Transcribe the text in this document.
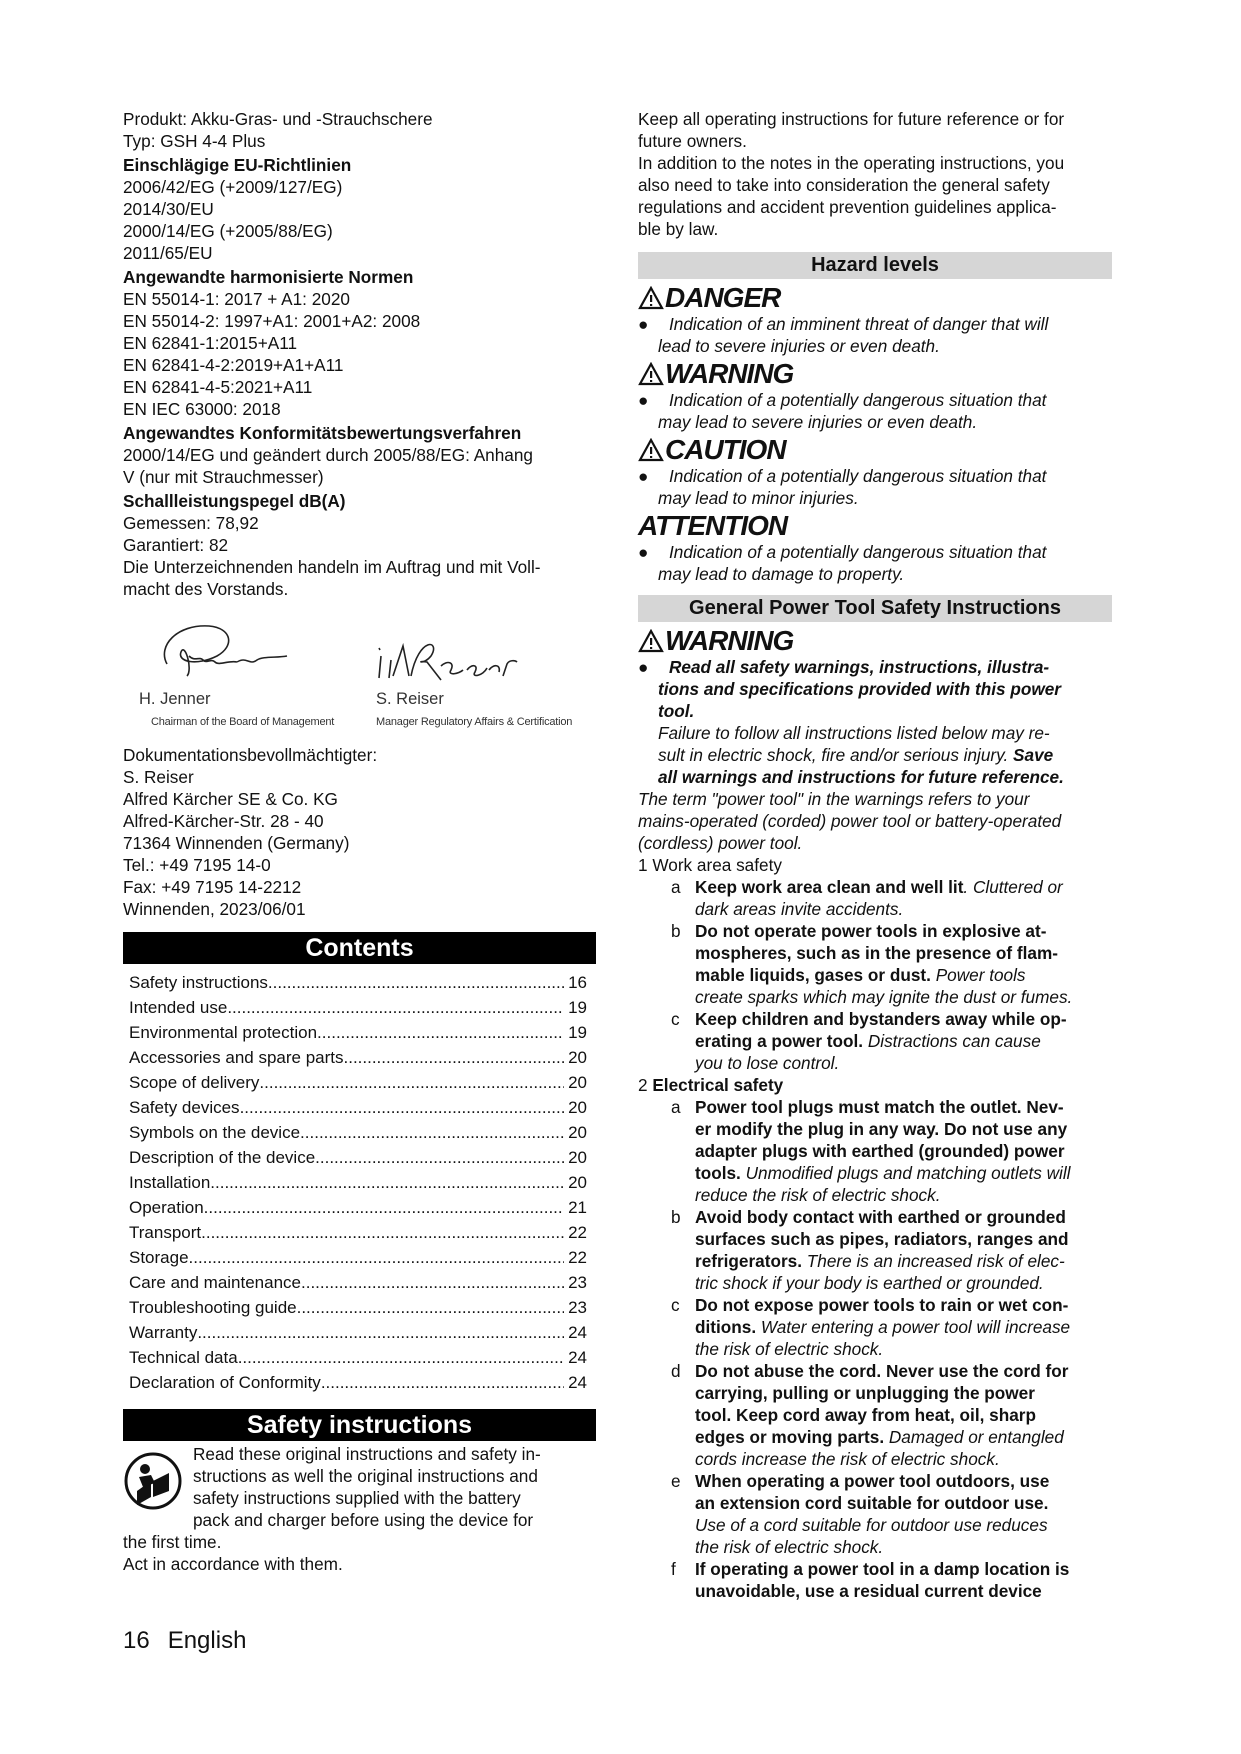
Produkt: Akku-Gras- und -Strauchschere

Typ: GSH 4-4 Plus

Einschlägige EU-Richtlinien

2006/42/EG (+2009/127/EG)

2014/30/EU

2000/14/EG (+2005/88/EG)

2011/65/EU

Angewandte harmonisierte Normen

EN 55014-1: 2017 + A1: 2020

EN 55014-2: 1997+A1: 2001+A2: 2008

EN 62841-1:2015+A11

EN 62841-4-2:2019+A1+A11

EN 62841-4-5:2021+A11

EN IEC 63000: 2018

Angewandtes Konformitätsbewertungsverfahren

2000/14/EG und geändert durch 2005/88/EG: Anhang

V (nur mit Strauchmesser)

Schallleistungspegel dB(A)

Gemessen: 78,92

Garantiert: 82

Die Unterzeichnenden handeln im Auftrag und mit Voll-

macht des Vorstands.

H. Jenner
Chairman of the Board of Management
S. Reiser
Manager Regulatory Affairs & Certification

Dokumentationsbevollmächtigter:

S. Reiser

Alfred Kärcher SE & Co. KG

Alfred-Kärcher-Str. 28 - 40

71364 Winnenden (Germany)

Tel.: +49 7195 14-0

Fax: +49 7195 14-2212

Winnenden, 2023/06/01

Contents
Safety instructions .....	16
Intended use .....	19
Environmental protection .....	19
Accessories and spare parts .....	20
Scope of delivery .....	20
Safety devices .....	20
Symbols on the device .....	20
Description of the device .....	20
Installation .....	20
Operation .....	21
Transport .....	22
Storage .....	22
Care and maintenance .....	23
Troubleshooting guide .....	23
Warranty .....	24
Technical data .....	24
Declaration of Conformity .....	24
Safety instructions

Read these original instructions and safety in-

structions as well the original instructions and

safety instructions supplied with the battery

pack and charger before using the device for

the first time.

Act in accordance with them.

Keep all operating instructions for future reference or for

future owners.

In addition to the notes in the operating instructions, you

also need to take into consideration the general safety

regulations and accident prevention guidelines applica-

ble by law.

Hazard levels
DANGER
●	Indication of an imminent threat of danger that will
lead to severe injuries or even death.
WARNING
●	Indication of a potentially dangerous situation that
may lead to severe injuries or even death.
CAUTION
●	Indication of a potentially dangerous situation that
may lead to minor injuries.
ATTENTION
●	Indication of a potentially dangerous situation that
may lead to damage to property.
General Power Tool Safety Instructions
WARNING
●	Read all safety warnings, instructions, illustra-
tions and specifications provided with this power
tool.
Failure to follow all instructions listed below may re-
sult in electric shock, fire and/or serious injury. Save
all warnings and instructions for future reference.

The term "power tool" in the warnings refers to your

mains-operated (corded) power tool or battery-operated

(cordless) power tool.

1 Work area safety
a Keep work area clean and well lit. Cluttered or
dark areas invite accidents.
b Do not operate power tools in explosive at-
mospheres, such as in the presence of flam-
mable liquids, gases or dust. Power tools
create sparks which may ignite the dust or fumes.
c Keep children and bystanders away while op-
erating a power tool. Distractions can cause
you to lose control.
2 Electrical safety
a Power tool plugs must match the outlet. Nev-
er modify the plug in any way. Do not use any
adapter plugs with earthed (grounded) power
tools. Unmodified plugs and matching outlets will
reduce the risk of electric shock.
b Avoid body contact with earthed or grounded
surfaces such as pipes, radiators, ranges and
refrigerators. There is an increased risk of elec-
tric shock if your body is earthed or grounded.
c Do not expose power tools to rain or wet con-
ditions. Water entering a power tool will increase
the risk of electric shock.
d Do not abuse the cord. Never use the cord for
carrying, pulling or unplugging the power
tool. Keep cord away from heat, oil, sharp
edges or moving parts. Damaged or entangled
cords increase the risk of electric shock.
e When operating a power tool outdoors, use
an extension cord suitable for outdoor use.
Use of a cord suitable for outdoor use reduces
the risk of electric shock.
f If operating a power tool in a damp location is
unavoidable, use a residual current device
16 English
